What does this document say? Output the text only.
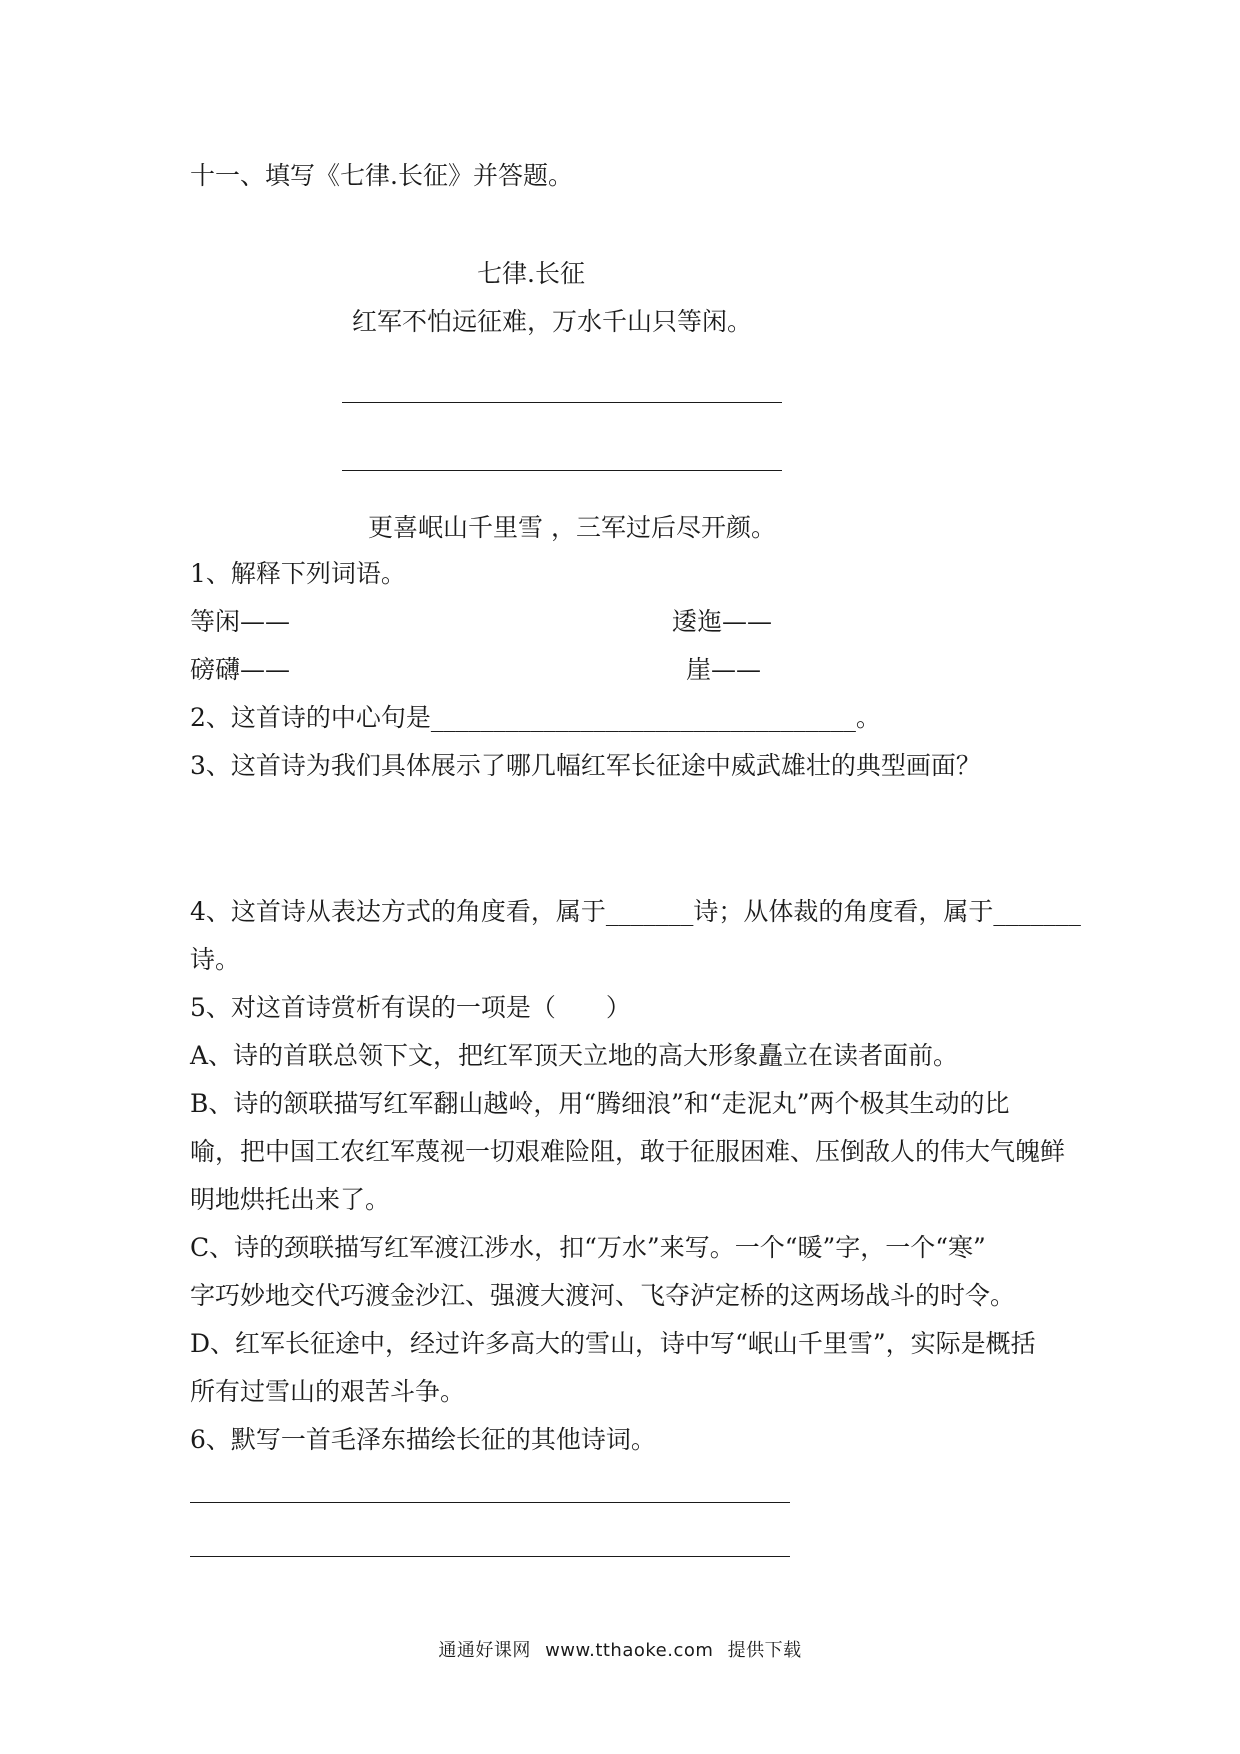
十一、填写《七律.长征》并答题。
七律.长征
红军不怕远征难，万水千山只等闲。
更喜岷山千里雪 ，三军过后尽开颜。
1、解释下列词语。
等闲——	逶迤——
磅礴——	崖——
2、这首诗的中心句是__________________________________。
3、这首诗为我们具体展示了哪几幅红军长征途中威武雄壮的典型画面？
4、这首诗从表达方式的角度看，属于_______诗；从体裁的角度看，属于_______
诗。
5、对这首诗赏析有误的一项是（　　）
A、诗的首联总领下文，把红军顶天立地的高大形象矗立在读者面前。
B、诗的颔联描写红军翻山越岭，用“腾细浪”和“走泥丸”两个极其生动的比
喻，把中国工农红军蔑视一切艰难险阻，敢于征服困难、压倒敌人的伟大气魄鲜
明地烘托出来了。
C、诗的颈联描写红军渡江涉水，扣“万水”来写。一个“暖”字，一个“寒”
字巧妙地交代巧渡金沙江、强渡大渡河、飞夺泸定桥的这两场战斗的时令。
D、红军长征途中，经过许多高大的雪山，诗中写“岷山千里雪”，实际是概括
所有过雪山的艰苦斗争。
6、默写一首毛泽东描绘长征的其他诗词。
通通好课网 www.tthaoke.com 提供下载
